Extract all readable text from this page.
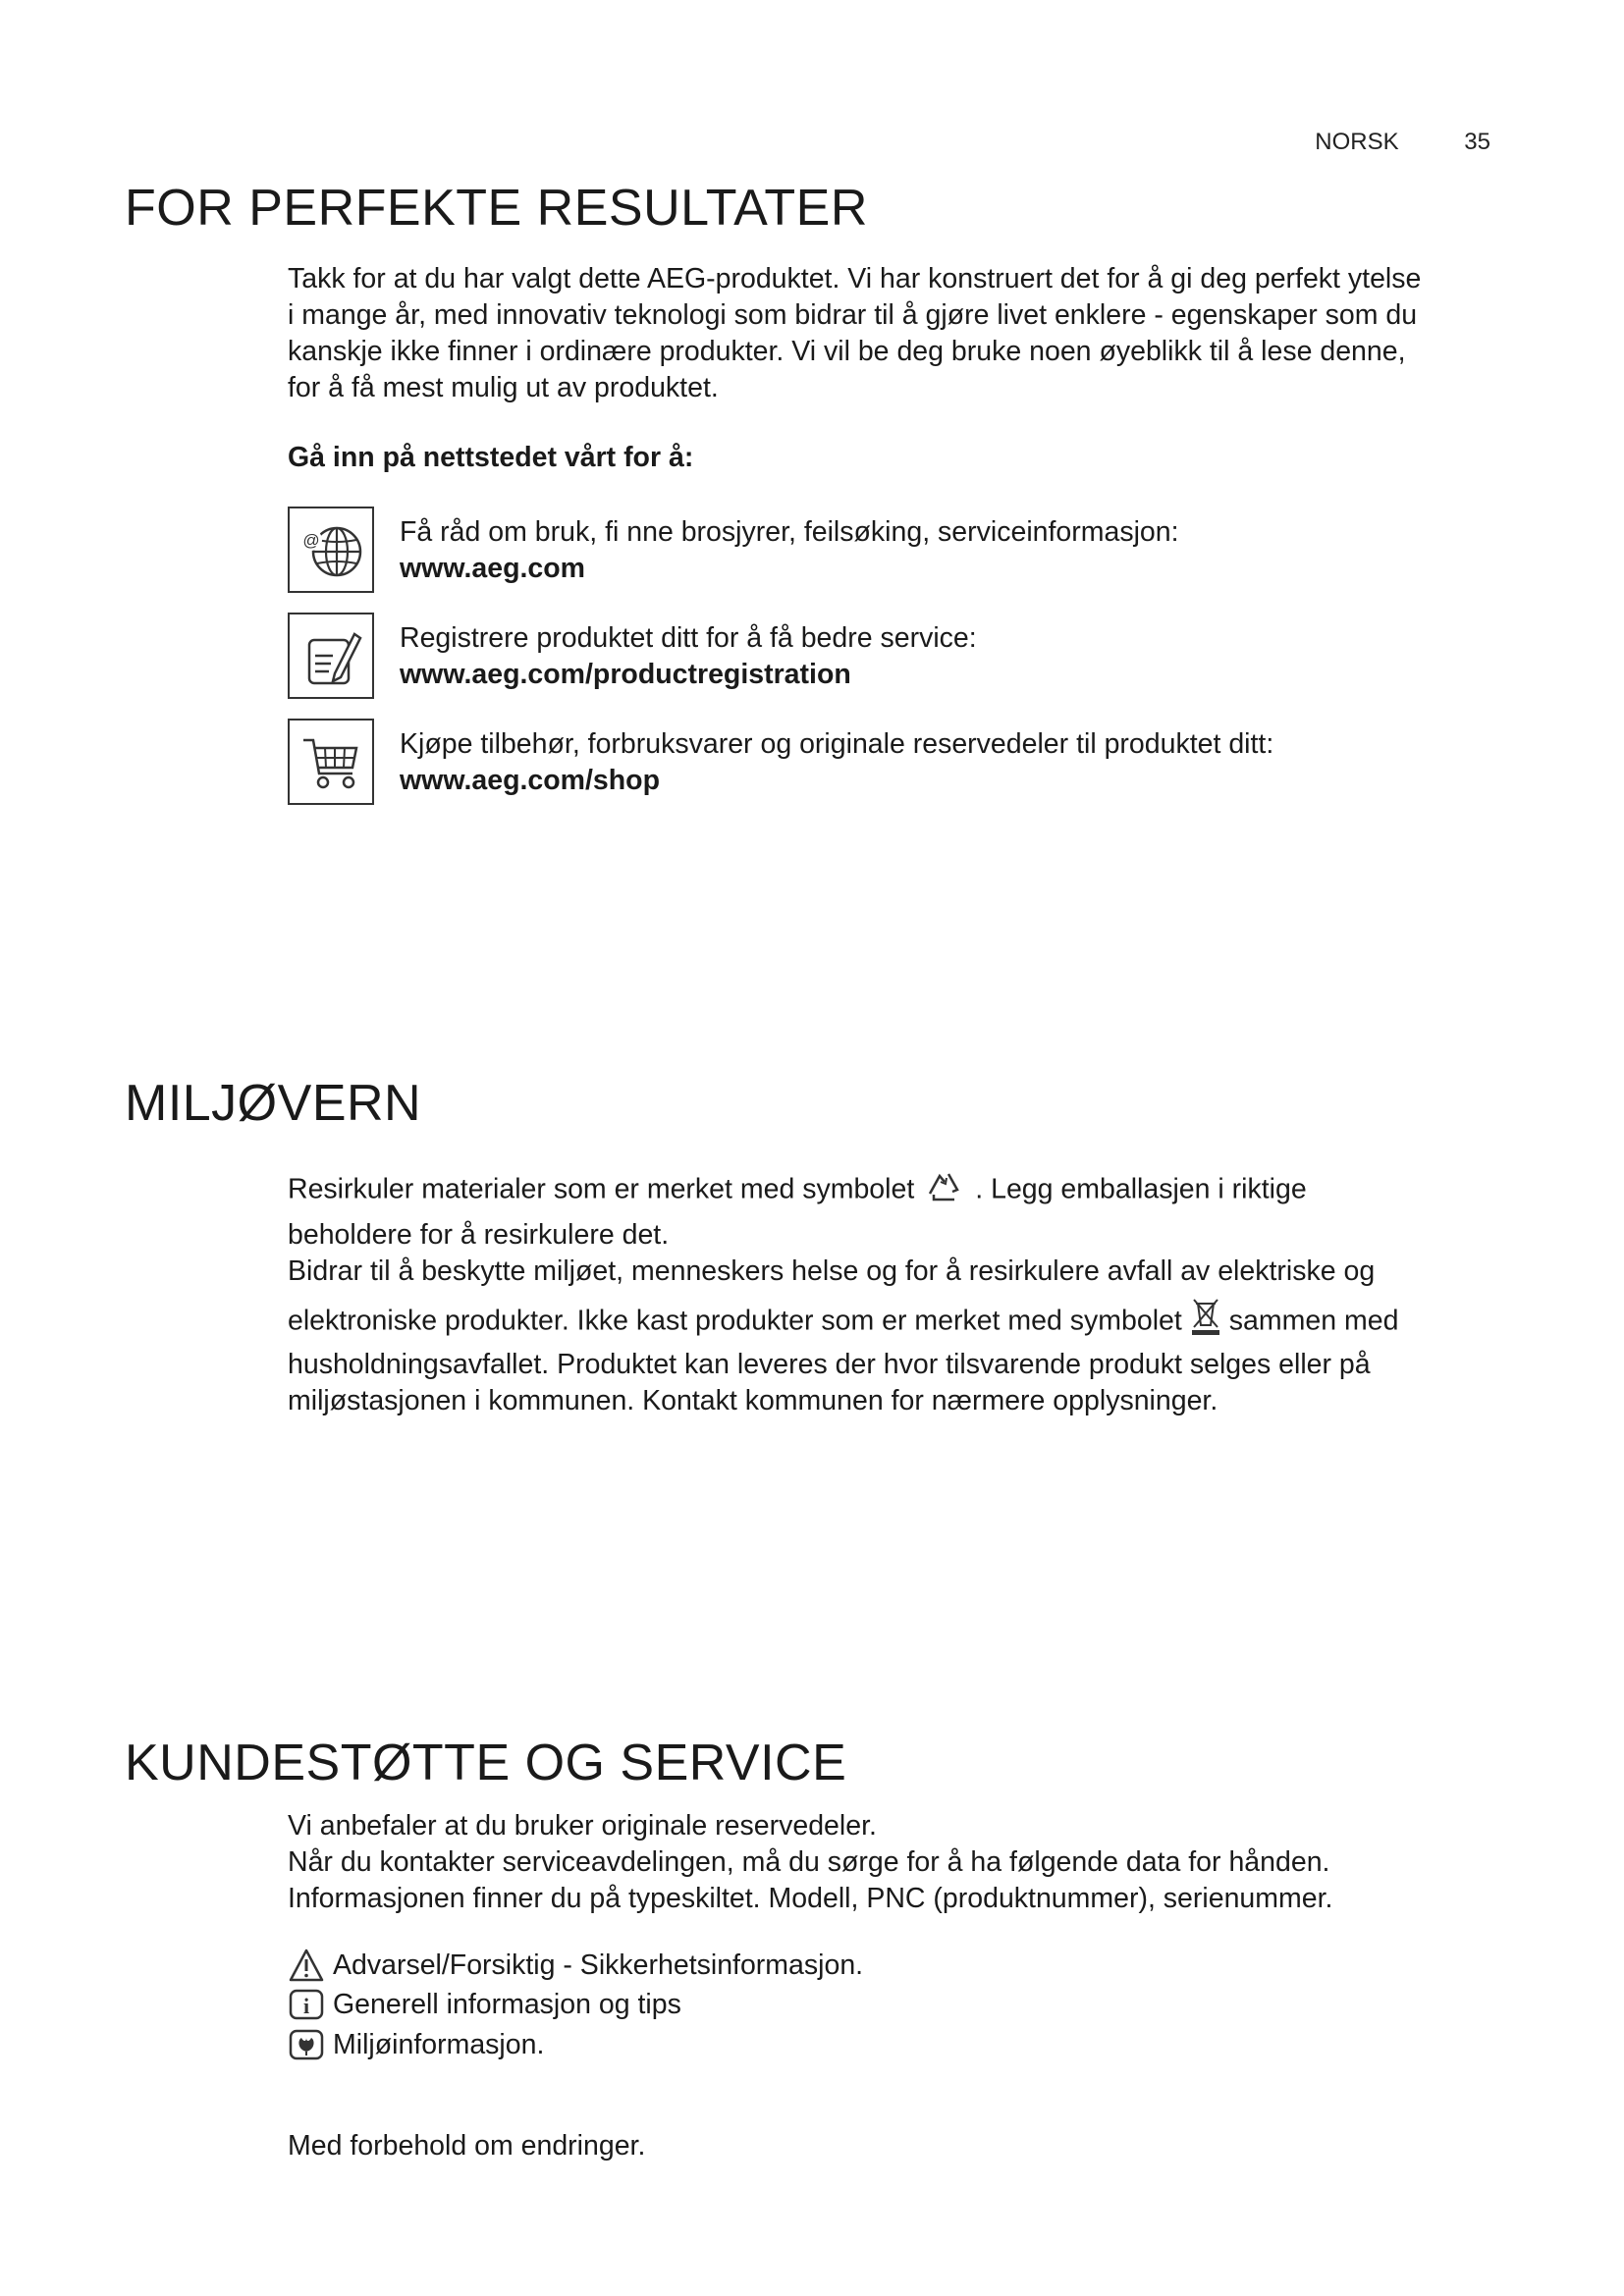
NORSK	35
FOR PERFEKTE RESULTATER

Takk for at du har valgt dette AEG-produktet. Vi har konstruert det for å gi deg perfekt ytelse

i mange år, med innovativ teknologi som bidrar til å gjøre livet enklere - egenskaper som du

kanskje ikke finner i ordinære produkter. Vi vil be deg bruke noen øyeblikk til å lese denne,

for å få mest mulig ut av produktet.

Gå inn på nettstedet vårt for å:
@	Få råd om bruk, fi nne brosjyrer, feilsøking, serviceinformasjon:
www.aeg.com
Registrere produktet ditt for å få bedre service:
www.aeg.com/productregistration
Kjøpe tilbehør, forbruksvarer og originale reservedeler til produktet ditt:
www.aeg.com/shop
MILJØVERN

Resirkuler materialer som er merket med symbolet . Legg emballasjen i riktige

beholdere for å resirkulere det.

Bidrar til å beskytte miljøet, menneskers helse og for å resirkulere avfall av elektriske og

elektroniske produkter. Ikke kast produkter som er merket med symbolet sammen med

husholdningsavfallet. Produktet kan leveres der hvor tilsvarende produkt selges eller på

miljøstasjonen i kommunen. Kontakt kommunen for nærmere opplysninger.

KUNDESTØTTE OG SERVICE

Vi anbefaler at du bruker originale reservedeler.

Når du kontakter serviceavdelingen, må du sørge for å ha følgende data for hånden.

Informasjonen finner du på typeskiltet. Modell, PNC (produktnummer), serienummer.

Advarsel/Forsiktig - Sikkerhetsinformasjon.
i Generell informasjon og tips
Miljøinformasjon.
Med forbehold om endringer.
